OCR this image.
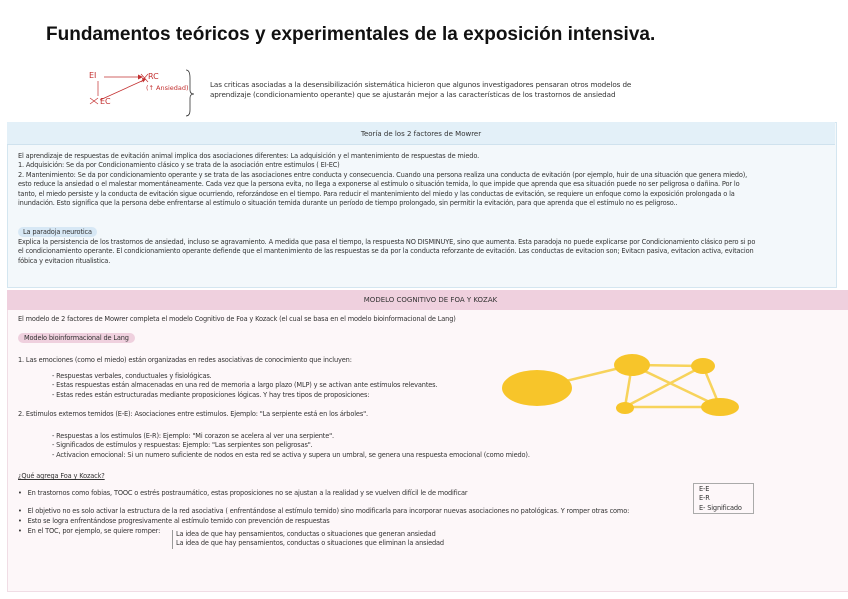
Fundamentos teóricos y experimentales de la exposición intensiva.
EI	RC
(↑ Ansiedad)
EC
Las criticas asociadas a la desensibilización sistemática hicieron que algunos investigadores pensaran otros modelos de
aprendizaje (condicionamiento operante) que se ajustarán mejor a las características de los trastornos de ansiedad
Teoría de los 2 factores de Mowrer
El aprendizaje de respuestas de evitación animal implica dos asociaciones diferentes: La adquisición y el mantenimiento de respuestas de miedo.
1. Adquisición: Se da por Condicionamiento clásico y se trata de la asociación entre estimulos ( EI-EC)
2. Mantenimiento: Se da por condicionamiento operante y se trata de las asociaciones entre conducta y consecuencia. Cuando una persona realiza una conducta de evitación (por ejemplo, huir de una situación que genera miedo),
esto reduce la ansiedad o el malestar momentáneamente. Cada vez que la persona evita, no llega a exponerse al estímulo o situación temida, lo que impide que aprenda que esa situación puede no ser peligrosa o dañina. Por lo
tanto, el miedo persiste y la conducta de evitación sigue ocurriendo, reforzándose en el tiempo. Para reducir el mantenimiento del miedo y las conductas de evitación, se requiere un enfoque como la exposición prolongada o la
inundación. Esto significa que la persona debe enfrentarse al estímulo o situación temida durante un período de tiempo prolongado, sin permitir la evitación, para que aprenda que el estímulo no es peligroso..
La paradoja neurotica
Explica la persistencia de los trastornos de ansiedad, incluso se agravamiento. A medida que pasa el tiempo, la respuesta NO DISMINUYE, sino que aumenta. Esta paradoja no puede explicarse por Condicionamiento clásico pero si po
el condicionamiento operante. El condicionamiento operante defiende que el mantenimiento de las respuestas se da por la conducta reforzante de evitación. Las conductas de evitacion son; Evitacn pasiva, evitacion activa, evitacion
fóbica y evitacion ritualistica.
MODELO COGNITIVO DE FOA Y KOZAK
El modelo de 2 factores de Mowrer completa el modelo Cognitivo de Foa y Kozack (el cual se basa en el modelo bioinformacional de Lang)
Modelo bioinformacional de Lang
1. Las emociones (como el miedo) están organizadas en redes asociativas de conocimiento que incluyen:
- Respuestas verbales, conductuales y fisiológicas.
- Estas respuestas están almacenadas en una red de memoria a largo plazo (MLP) y se activan ante estímulos relevantes.
- Estas redes están estructuradas mediante proposiciones lógicas. Y hay tres tipos de proposiciones:
2. Estimulos externos temidos (E-E): Asociaciones entre estimulos. Ejemplo: "La serpiente está en los árboles".
- Respuestas a los estimulos (E-R): Ejemplo: "Mi corazon se acelera al ver una serpiente".
- Significados de estímulos y respuestas: Ejemplo: "Las serpientes son peligrosas".
- Activacion emocional: Si un numero suficiente de nodos en esta red se activa y supera un umbral, se genera una respuesta emocional (como miedo).
¿Qué agrega Foa y Kozack?
•   En trastornos como fobias, TOOC o estrés postraumático, estas proposiciones no se ajustan a la realidad y se vuelven difícil le de modificar
•   El objetivo no es solo activar la estructura de la red asociativa ( enfrentándose al estímulo temido) sino modificarla para incorporar nuevas asociaciones no patológicas. Y romper otras como:
•   Esto se logra enfrentándose progresivamente al estímulo temido con prevención de respuestas
•   En el TOC, por ejemplo, se quiere romper:
E-E
E-R
E- Significado
La idea de que hay pensamientos, conductas o situaciones que generan ansiedad
La idea de que hay pensamientos, conductas o situaciones que eliminan la ansiedad
